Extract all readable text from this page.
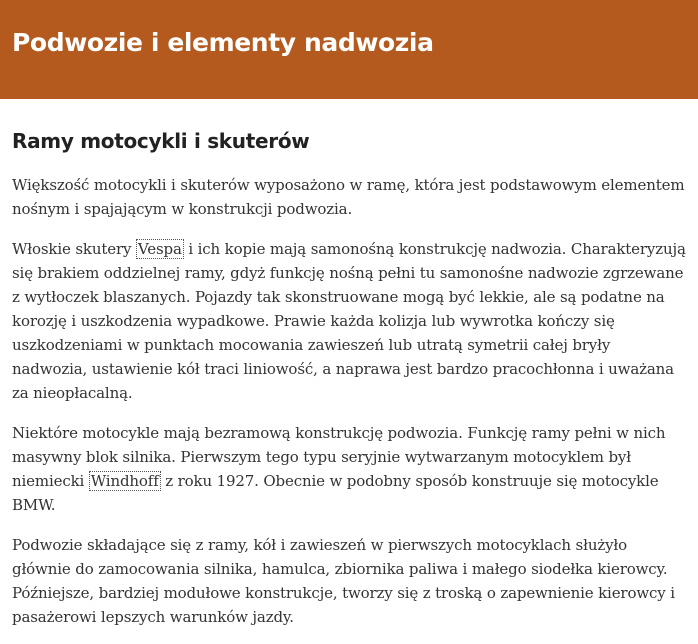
Podwozie i elementy nadwozia
Ramy motocykli i skuterów

Większość motocykli i skuterów wyposażono w ramę, która jest podstawowym elementem nośnym i spajającym w konstrukcji podwozia.

Włoskie skutery Vespa i ich kopie mają samonośną konstrukcję nadwozia. Charakteryzują się brakiem oddzielnej ramy, gdyż funkcję nośną pełni tu samonośne nadwozie zgrzewane z wytłoczek blaszanych. Pojazdy tak skonstruowane mogą być lekkie, ale są podatne na korozję i uszkodzenia wypadkowe. Prawie każda kolizja lub wywrotka kończy się uszkodzeniami w punktach mocowania zawieszeń lub utratą symetrii całej bryły nadwozia, ustawienie kół traci liniowość, a naprawa jest bardzo pracochłonna i uważana za nieopłacalną.

Niektóre motocykle mają bezramową konstrukcję podwozia. Funkcję ramy pełni w nich masywny blok silnika. Pierwszym tego typu seryjnie wytwarzanym motocyklem był niemiecki Windhoff z roku 1927. Obecnie w podobny sposób konstruuje się motocykle BMW.

Podwozie składające się z ramy, kół i zawieszeń w pierwszych motocyklach służyło głównie do zamocowania silnika, hamulca, zbiornika paliwa i małego siodełka kierowcy. Późniejsze, bardziej modułowe konstrukcje, tworzy się z troską o zapewnienie kierowcy i pasażerowi lepszych warunków jazdy.
